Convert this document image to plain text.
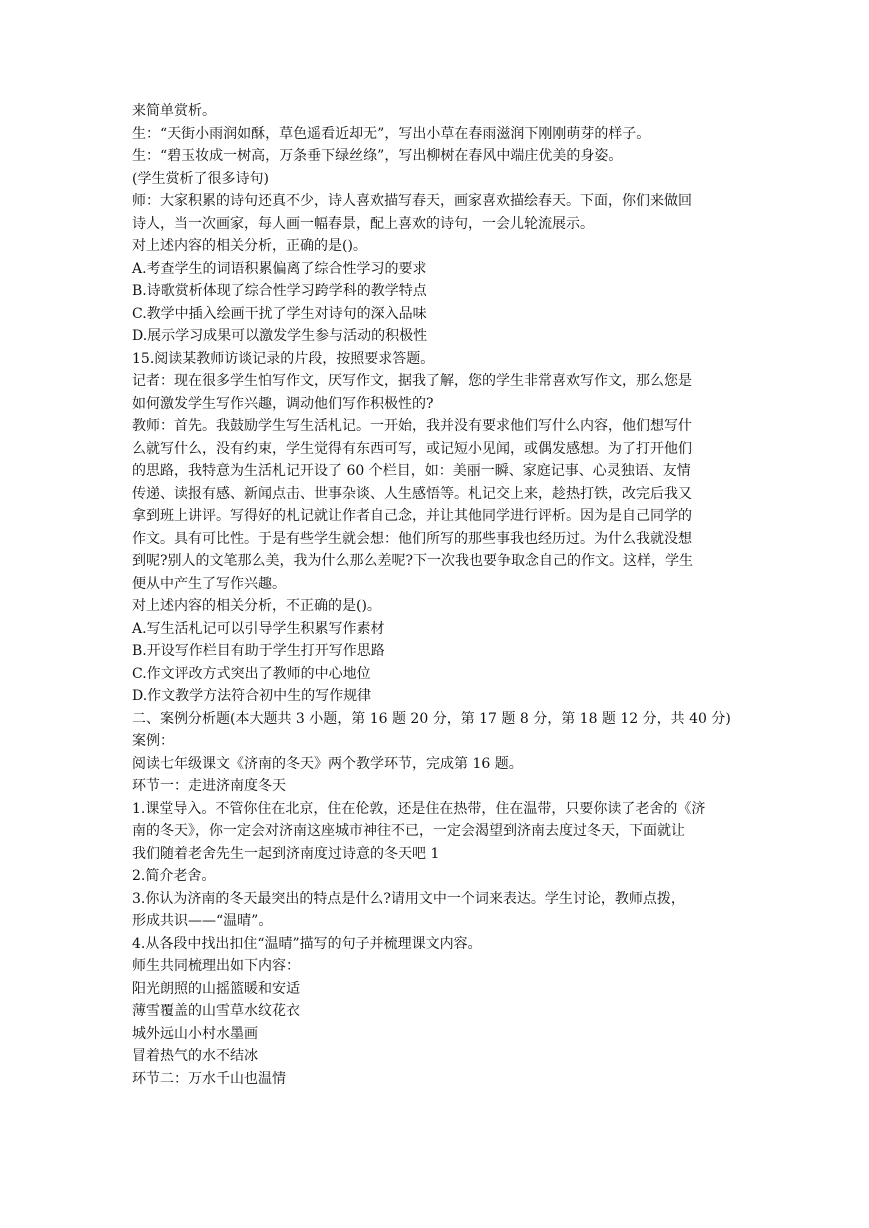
来简单赏析。

生：“天街小雨润如酥，草色遥看近却无”，写出小草在春雨滋润下刚刚萌芽的样子。

生：“碧玉妆成一树高，万条垂下绿丝绦”，写出柳树在春风中端庄优美的身姿。

(学生赏析了很多诗句)

师：大家积累的诗句还真不少，诗人喜欢描写春天，画家喜欢描绘春天。下面，你们来做回

诗人，当一次画家，每人画一幅春景，配上喜欢的诗句，一会儿轮流展示。

对上述内容的相关分析，正确的是()。

A.考查学生的词语积累偏离了综合性学习的要求

B.诗歌赏析体现了综合性学习跨学科的教学特点

C.教学中插入绘画干扰了学生对诗句的深入品味

D.展示学习成果可以激发学生参与活动的积极性

15.阅读某教师访谈记录的片段，按照要求答题。

记者：现在很多学生怕写作文，厌写作文，据我了解，您的学生非常喜欢写作文，那么您是

如何激发学生写作兴趣，调动他们写作积极性的?

教师：首先。我鼓励学生写生活札记。一开始，我并没有要求他们写什么内容，他们想写什

么就写什么，没有约束，学生觉得有东西可写，或记短小见闻，或偶发感想。为了打开他们

的思路，我特意为生活札记开设了 60 个栏目，如：美丽一瞬、家庭记事、心灵独语、友情

传递、读报有感、新闻点击、世事杂谈、人生感悟等。札记交上来，趁热打铁，改完后我又

拿到班上讲评。写得好的札记就让作者自己念，并让其他同学进行评析。因为是自己同学的

作文。具有可比性。于是有些学生就会想：他们所写的那些事我也经历过。为什么我就没想

到呢?别人的文笔那么美，我为什么那么差呢?下一次我也要争取念自己的作文。这样，学生

便从中产生了写作兴趣。

对上述内容的相关分析，不正确的是()。

A.写生活札记可以引导学生积累写作素材

B.开设写作栏目有助于学生打开写作思路

C.作文评改方式突出了教师的中心地位

D.作文教学方法符合初中生的写作规律

二、案例分析题(本大题共 3 小题，第 16 题 20 分，第 17 题 8 分，第 18 题 12 分，共 40 分)

案例：

阅读七年级课文《济南的冬天》两个教学环节，完成第 16 题。

环节一：走进济南度冬天

1.课堂导入。不管你住在北京，住在伦敦，还是住在热带，住在温带，只要你读了老舍的《济

南的冬天》，你一定会对济南这座城市神往不已，一定会渴望到济南去度过冬天，下面就让

我们随着老舍先生一起到济南度过诗意的冬天吧 1

2.简介老舍。

3.你认为济南的冬天最突出的特点是什么?请用文中一个词来表达。学生讨论，教师点拨，

形成共识——“温晴”。

4.从各段中找出扣住“温晴”描写的句子并梳理课文内容。

师生共同梳理出如下内容：

阳光朗照的山摇篮暖和安适

薄雪覆盖的山雪草水纹花衣

城外远山小村水墨画

冒着热气的水不结冰

环节二：万水千山也温情
